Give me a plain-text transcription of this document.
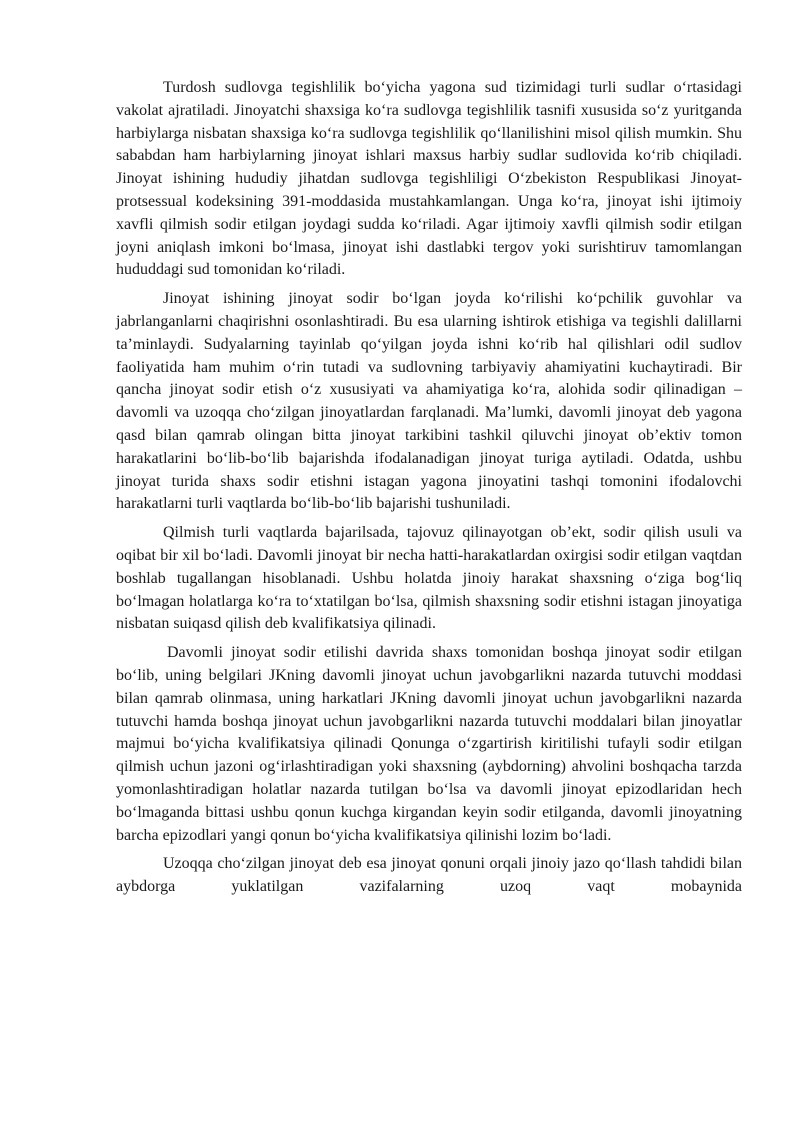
Turdosh sudlovga tegishlilik bo‘yicha yagona sud tizimidagi turli sudlar o‘rtasidagi vakolat ajratiladi. Jinoyatchi shaxsiga ko‘ra sudlovga tegishlilik tasnifi xususida so‘z yuritganda harbiylarga nisbatan shaxsiga ko‘ra sudlovga tegishlilik qo‘llanilishini misol qilish mumkin. Shu sababdan ham harbiylarning jinoyat ishlari maxsus harbiy sudlar sudlovida ko‘rib chiqiladi. Jinoyat ishining hududiy jihatdan sudlovga tegishliligi O‘zbekiston Respublikasi Jinoyat-protsessual kodeksining 391-moddasida mustahkamlangan. Unga ko‘ra, jinoyat ishi ijtimoiy xavfli qilmish sodir etilgan joydagi sudda ko‘riladi. Agar ijtimoiy xavfli qilmish sodir etilgan joyni aniqlash imkoni bo‘lmasa, jinoyat ishi dastlabki tergov yoki surishtiruv tamomlangan hududdagi sud tomonidan ko‘riladi.

Jinoyat ishining jinoyat sodir bo‘lgan joyda ko‘rilishi ko‘pchilik guvohlar va jabrlanganlarni chaqirishni osonlashtiradi. Bu esa ularning ishtirok etishiga va tegishli dalillarni ta’minlaydi. Sudyalarning tayinlab qo‘yilgan joyda ishni ko‘rib hal qilishlari odil sudlov faoliyatida ham muhim o‘rin tutadi va sudlovning tarbiyaviy ahamiyatini kuchaytiradi. Bir qancha jinoyat sodir etish o‘z xususiyati va ahamiyatiga ko‘ra, alohida sodir qilinadigan – davomli va uzoqqa cho‘zilgan jinoyatlardan farqlanadi. Ma’lumki, davomli jinoyat deb yagona qasd bilan qamrab olingan bitta jinoyat tarkibini tashkil qiluvchi jinoyat ob’ektiv tomon harakatlarini bo‘lib-bo‘lib bajarishda ifodalanadigan jinoyat turiga aytiladi. Odatda, ushbu jinoyat turida shaxs sodir etishni istagan yagona jinoyatini tashqi tomonini ifodalovchi harakatlarni turli vaqtlarda bo‘lib-bo‘lib bajarishi tushuniladi.

Qilmish turli vaqtlarda bajarilsada, tajovuz qilinayotgan ob’ekt, sodir qilish usuli va oqibat bir xil bo‘ladi. Davomli jinoyat bir necha hatti-harakatlardan oxirgisi sodir etilgan vaqtdan boshlab tugallangan hisoblanadi. Ushbu holatda jinoiy harakat shaxsning o‘ziga bog‘liq bo‘lmagan holatlarga ko‘ra to‘xtatilgan bo‘lsa, qilmish shaxsning sodir etishni istagan jinoyatiga nisbatan suiqasd qilish deb kvalifikatsiya qilinadi.

Davomli jinoyat sodir etilishi davrida shaxs tomonidan boshqa jinoyat sodir etilgan bo‘lib, uning belgilari JKning davomli jinoyat uchun javobgarlikni nazarda tutuvchi moddasi bilan qamrab olinmasa, uning harkatlari JKning davomli jinoyat uchun javobgarlikni nazarda tutuvchi hamda boshqa jinoyat uchun javobgarlikni nazarda tutuvchi moddalari bilan jinoyatlar majmui bo‘yicha kvalifikatsiya qilinadi Qonunga o‘zgartirish kiritilishi tufayli sodir etilgan qilmish uchun jazoni og‘irlashtiradigan yoki shaxsning (aybdorning) ahvolini boshqacha tarzda yomonlashtiradigan holatlar nazarda tutilgan bo‘lsa va davomli jinoyat epizodlaridan hech bo‘lmaganda bittasi ushbu qonun kuchga kirgandan keyin sodir etilganda, davomli jinoyatning barcha epizodlari yangi qonun bo‘yicha kvalifikatsiya qilinishi lozim bo‘ladi.

Uzoqqa cho‘zilgan jinoyat deb esa jinoyat qonuni orqali jinoiy jazo qo‘llash tahdidi bilan aybdorga yuklatilgan vazifalarning uzoq vaqt mobaynida
